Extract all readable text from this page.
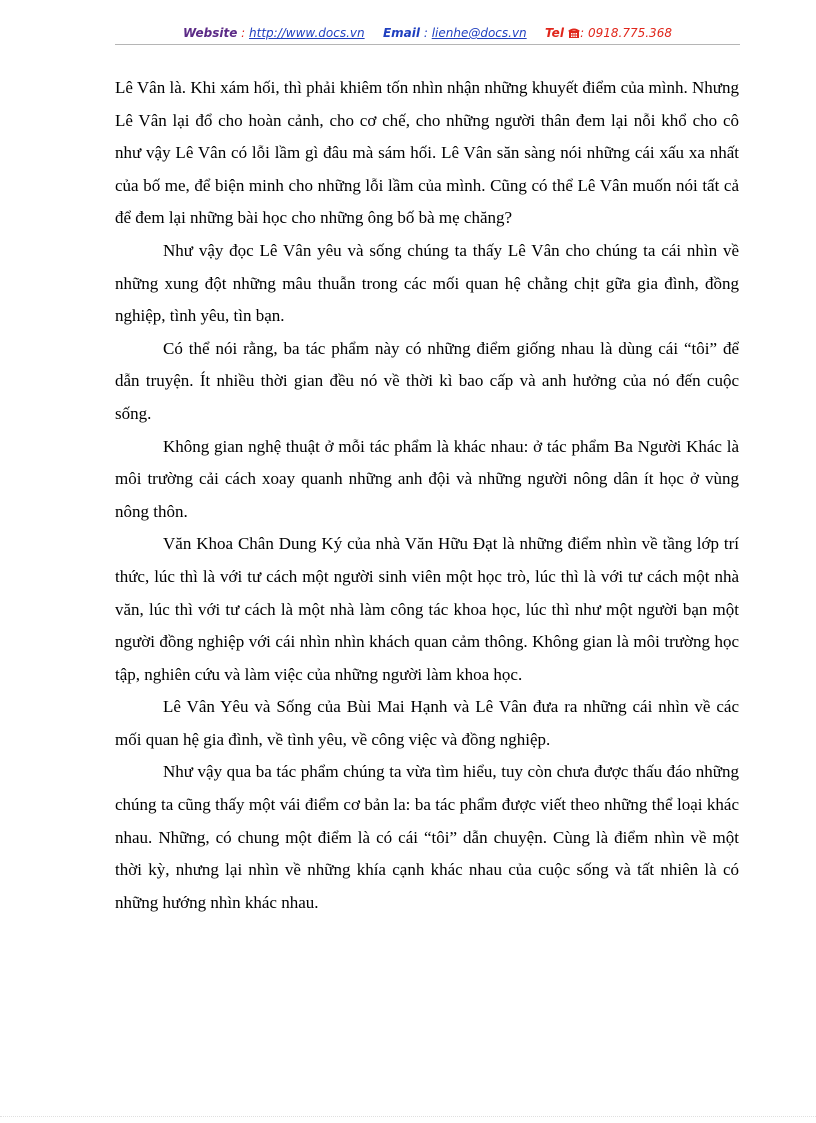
Website : http://www.docs.vn Email : lienhe@docs.vn Tel : 0918.775.368

Lê Vân là. Khi xám hối, thì phải khiêm tốn nhìn nhận những khuyết điểm của mình. Nhưng Lê Vân lại đổ cho hoàn cảnh, cho cơ chế, cho những người thân đem lại nỗi khổ cho cô như vậy Lê Vân có lỗi lầm gì đâu mà sám hối. Lê Vân săn sàng nói những cái xấu xa nhất của bố me, để biện minh cho những lỗi lầm của mình. Cũng có thể Lê Vân muốn nói tất cả để đem lại những bài học cho những ông bố bà mẹ chăng?

Như vậy đọc Lê Vân yêu và sống chúng ta thấy Lê Vân cho chúng ta cái nhìn về những xung đột những mâu thuẫn trong các mối quan hệ chằng chịt gữa gia đình, đồng nghiệp, tình yêu, tìn bạn.

Có thể nói rằng, ba tác phẩm này có những điểm giống nhau là dùng cái “tôi” để dẫn truyện. Ít nhiều thời gian đều nó về thời kì bao cấp và anh hưởng của nó đến cuộc sống.

Không gian nghệ thuật ở mỗi tác phẩm là khác nhau: ở tác phẩm Ba Người Khác là môi trường cải cách xoay quanh những anh đội và những người nông dân ít học ở vùng nông thôn.

Văn Khoa Chân Dung Ký của nhà Văn Hữu Đạt là những điểm nhìn về tầng lớp trí thức, lúc thì là với tư cách một người sinh viên một học trò, lúc thì là với tư cách một nhà văn, lúc thì với tư cách là một nhà làm công tác khoa học, lúc thì như một người bạn một người đồng nghiệp với cái nhìn nhìn khách quan cảm thông. Không gian là môi trường học tập, nghiên cứu và làm việc của những người làm khoa học.

Lê Vân Yêu và Sống của Bùi Mai Hạnh và Lê Vân đưa ra những cái nhìn về các mối quan hệ gia đình, về tình yêu, về công việc và đồng nghiệp.

Như vậy qua ba tác phẩm chúng ta vừa tìm hiểu, tuy còn chưa được thấu đáo những chúng ta cũng thấy một vái điểm cơ bản la: ba tác phẩm được viết theo những thể loại khác nhau. Những, có chung một điểm là có cái “tôi” dẫn chuyện. Cùng là điểm nhìn về một thời kỳ, nhưng lại nhìn về những khía cạnh khác nhau của cuộc sống và tất nhiên là có những hướng nhìn khác nhau.
